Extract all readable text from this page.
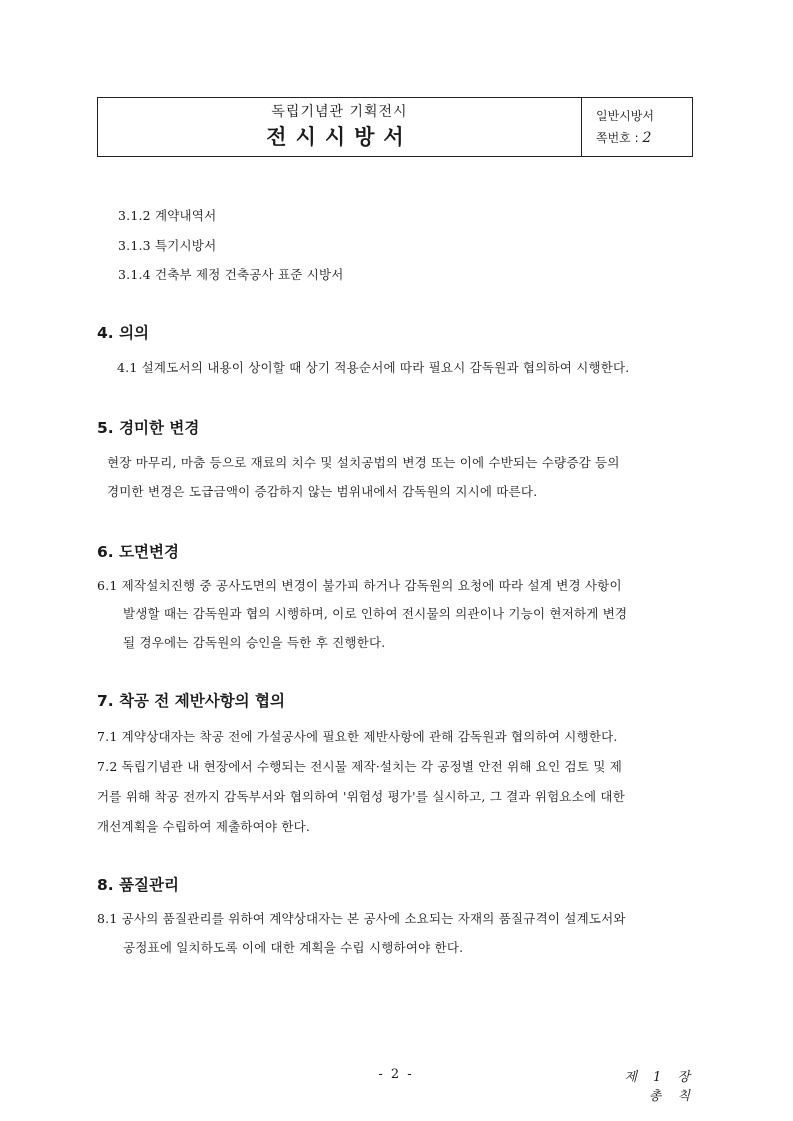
독립기념관 기획전시
전시시방서
일반시방서
쪽번호 : 2
3.1.2 계약내역서
3.1.3 특기시방서
3.1.4 건축부 제정 건축공사 표준 시방서
4. 의의
4.1 설계도서의 내용이 상이할 때 상기 적용순서에 따라 필요시 감독원과 협의하여 시행한다.
5. 경미한 변경
현장 마무리, 마춤 등으로 재료의 치수 및 설치공법의 변경 또는 이에 수반되는 수량증감 등의
경미한 변경은 도급금액이 증감하지 않는 범위내에서 감독원의 지시에 따른다.
6. 도면변경
6.1 제작설치진행 중 공사도면의 변경이 불가피 하거나 감독원의 요청에 따라 설계 변경 사항이
발생할 때는 감독원과 협의 시행하며, 이로 인하여 전시물의 의관이나 기능이 현저하게 변경
될 경우에는 감독원의 승인을 득한 후 진행한다.
7. 착공 전 제반사항의 협의
7.1 계약상대자는 착공 전에 가설공사에 필요한 제반사항에 관해 감독원과 협의하여 시행한다.
7.2 독립기념관 내 현장에서 수행되는 전시물 제작·설치는 각 공정별 안전 위해 요인 검토 및 제
거를 위해 착공 전까지 감독부서와 협의하여 '위험성 평가'를 실시하고, 그 결과 위험요소에 대한
개선계획을 수립하여 제출하여야 한다.
8. 품질관리
8.1 공사의 품질관리를 위하여 계약상대자는 본 공사에 소요되는 자재의 품질규격이 설계도서와
공정표에 일치하도록 이에 대한 계획을 수립 시행하여야 한다.
- 2 -	제 1 장 총 칙
